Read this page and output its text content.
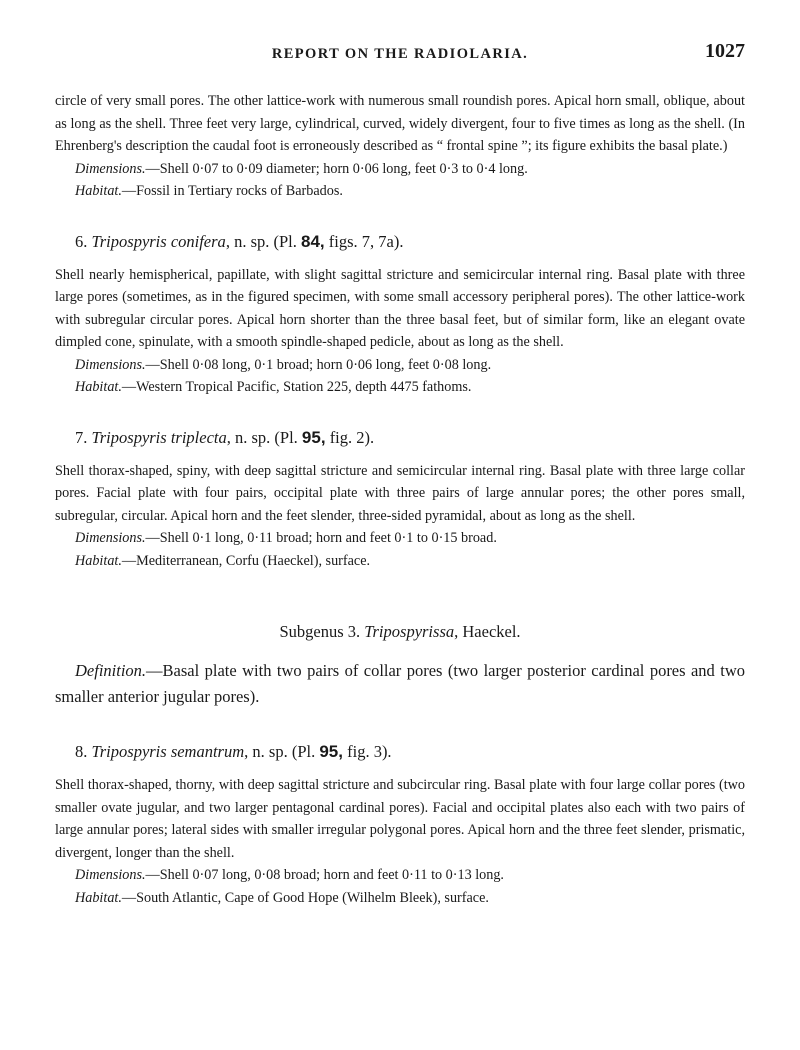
REPORT ON THE RADIOLARIA.	1027

circle of very small pores. The other lattice-work with numerous small roundish pores. Apical horn small, oblique, about as long as the shell. Three feet very large, cylindrical, curved, widely divergent, four to five times as long as the shell. (In Ehrenberg's description the caudal foot is erroneously described as “ frontal spine ”; its figure exhibits the basal plate.)

Dimensions.—Shell 0·07 to 0·09 diameter; horn 0·06 long, feet 0·3 to 0·4 long.

Habitat.—Fossil in Tertiary rocks of Barbados.

6. Tripospyris conifera, n. sp. (Pl. 84, figs. 7, 7a).

Shell nearly hemispherical, papillate, with slight sagittal stricture and semicircular internal ring. Basal plate with three large pores (sometimes, as in the figured specimen, with some small accessory peripheral pores). The other lattice-work with subregular circular pores. Apical horn shorter than the three basal feet, but of similar form, like an elegant ovate dimpled cone, spinulate, with a smooth spindle-shaped pedicle, about as long as the shell.

Dimensions.—Shell 0·08 long, 0·1 broad; horn 0·06 long, feet 0·08 long.

Habitat.—Western Tropical Pacific, Station 225, depth 4475 fathoms.

7. Tripospyris triplecta, n. sp. (Pl. 95, fig. 2).

Shell thorax-shaped, spiny, with deep sagittal stricture and semicircular internal ring. Basal plate with three large collar pores. Facial plate with four pairs, occipital plate with three pairs of large annular pores; the other pores small, subregular, circular. Apical horn and the feet slender, three-sided pyramidal, about as long as the shell.

Dimensions.—Shell 0·1 long, 0·11 broad; horn and feet 0·1 to 0·15 broad.

Habitat.—Mediterranean, Corfu (Haeckel), surface.

Subgenus 3. Tripospyrissa, Haeckel.

Definition.—Basal plate with two pairs of collar pores (two larger posterior cardinal pores and two smaller anterior jugular pores).

8. Tripospyris semantrum, n. sp. (Pl. 95, fig. 3).

Shell thorax-shaped, thorny, with deep sagittal stricture and subcircular ring. Basal plate with four large collar pores (two smaller ovate jugular, and two larger pentagonal cardinal pores). Facial and occipital plates also each with two pairs of large annular pores; lateral sides with smaller irregular polygonal pores. Apical horn and the three feet slender, prismatic, divergent, longer than the shell.

Dimensions.—Shell 0·07 long, 0·08 broad; horn and feet 0·11 to 0·13 long.

Habitat.—South Atlantic, Cape of Good Hope (Wilhelm Bleek), surface.
